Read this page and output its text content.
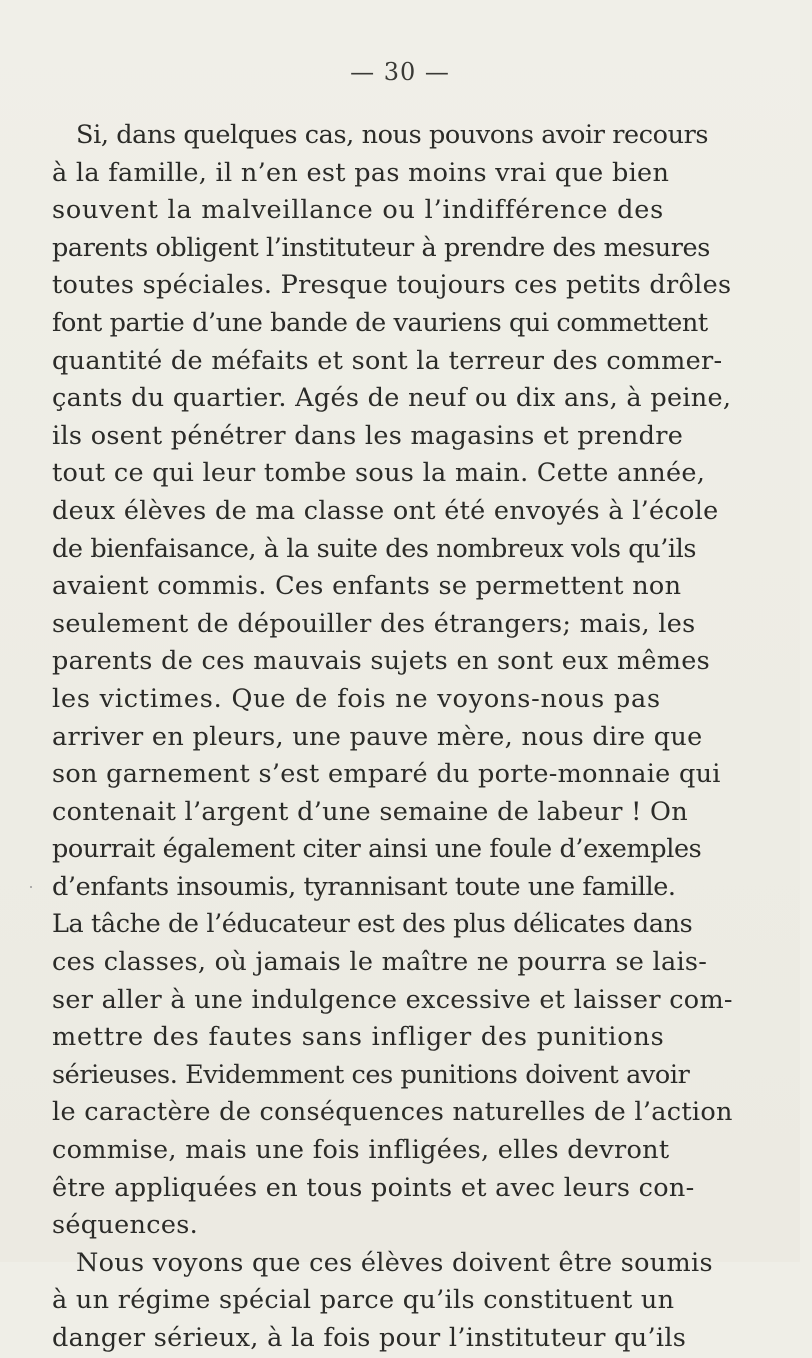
— 30 —
Si, dans quelques cas, nous pouvons avoir recours
à la famille, il n’en est pas moins vrai que bien
souvent la malveillance ou l’indifférence des
parents obligent l’instituteur à prendre des mesures
toutes spéciales. Presque toujours ces petits drôles
font partie d’une bande de vauriens qui commettent
quantité de méfaits et sont la terreur des commer-
çants du quartier. Agés de neuf ou dix ans, à peine,
ils osent pénétrer dans les magasins et prendre
tout ce qui leur tombe sous la main. Cette année,
deux élèves de ma classe ont été envoyés à l’école
de bienfaisance, à la suite des nombreux vols qu’ils
avaient commis. Ces enfants se permettent non
seulement de dépouiller des étrangers; mais, les
parents de ces mauvais sujets en sont eux mêmes
les victimes. Que de fois ne voyons-nous pas
arriver en pleurs, une pauve mère, nous dire que
son garnement s’est emparé du porte-monnaie qui
contenait l’argent d’une semaine de labeur ! On
pourrait également citer ainsi une foule d’exemples
d’enfants insoumis, tyrannisant toute une famille.
La tâche de l’éducateur est des plus délicates dans
ces classes, où jamais le maître ne pourra se lais-
ser aller à une indulgence excessive et laisser com-
mettre des fautes sans infliger des punitions
sérieuses. Evidemment ces punitions doivent avoir
le caractère de conséquences naturelles de l’action
commise, mais une fois infligées, elles devront
être appliquées en tous points et avec leurs con-
séquences.
Nous voyons que ces élèves doivent être soumis
à un régime spécial parce qu’ils constituent un
danger sérieux, à la fois pour l’instituteur qu’ils
